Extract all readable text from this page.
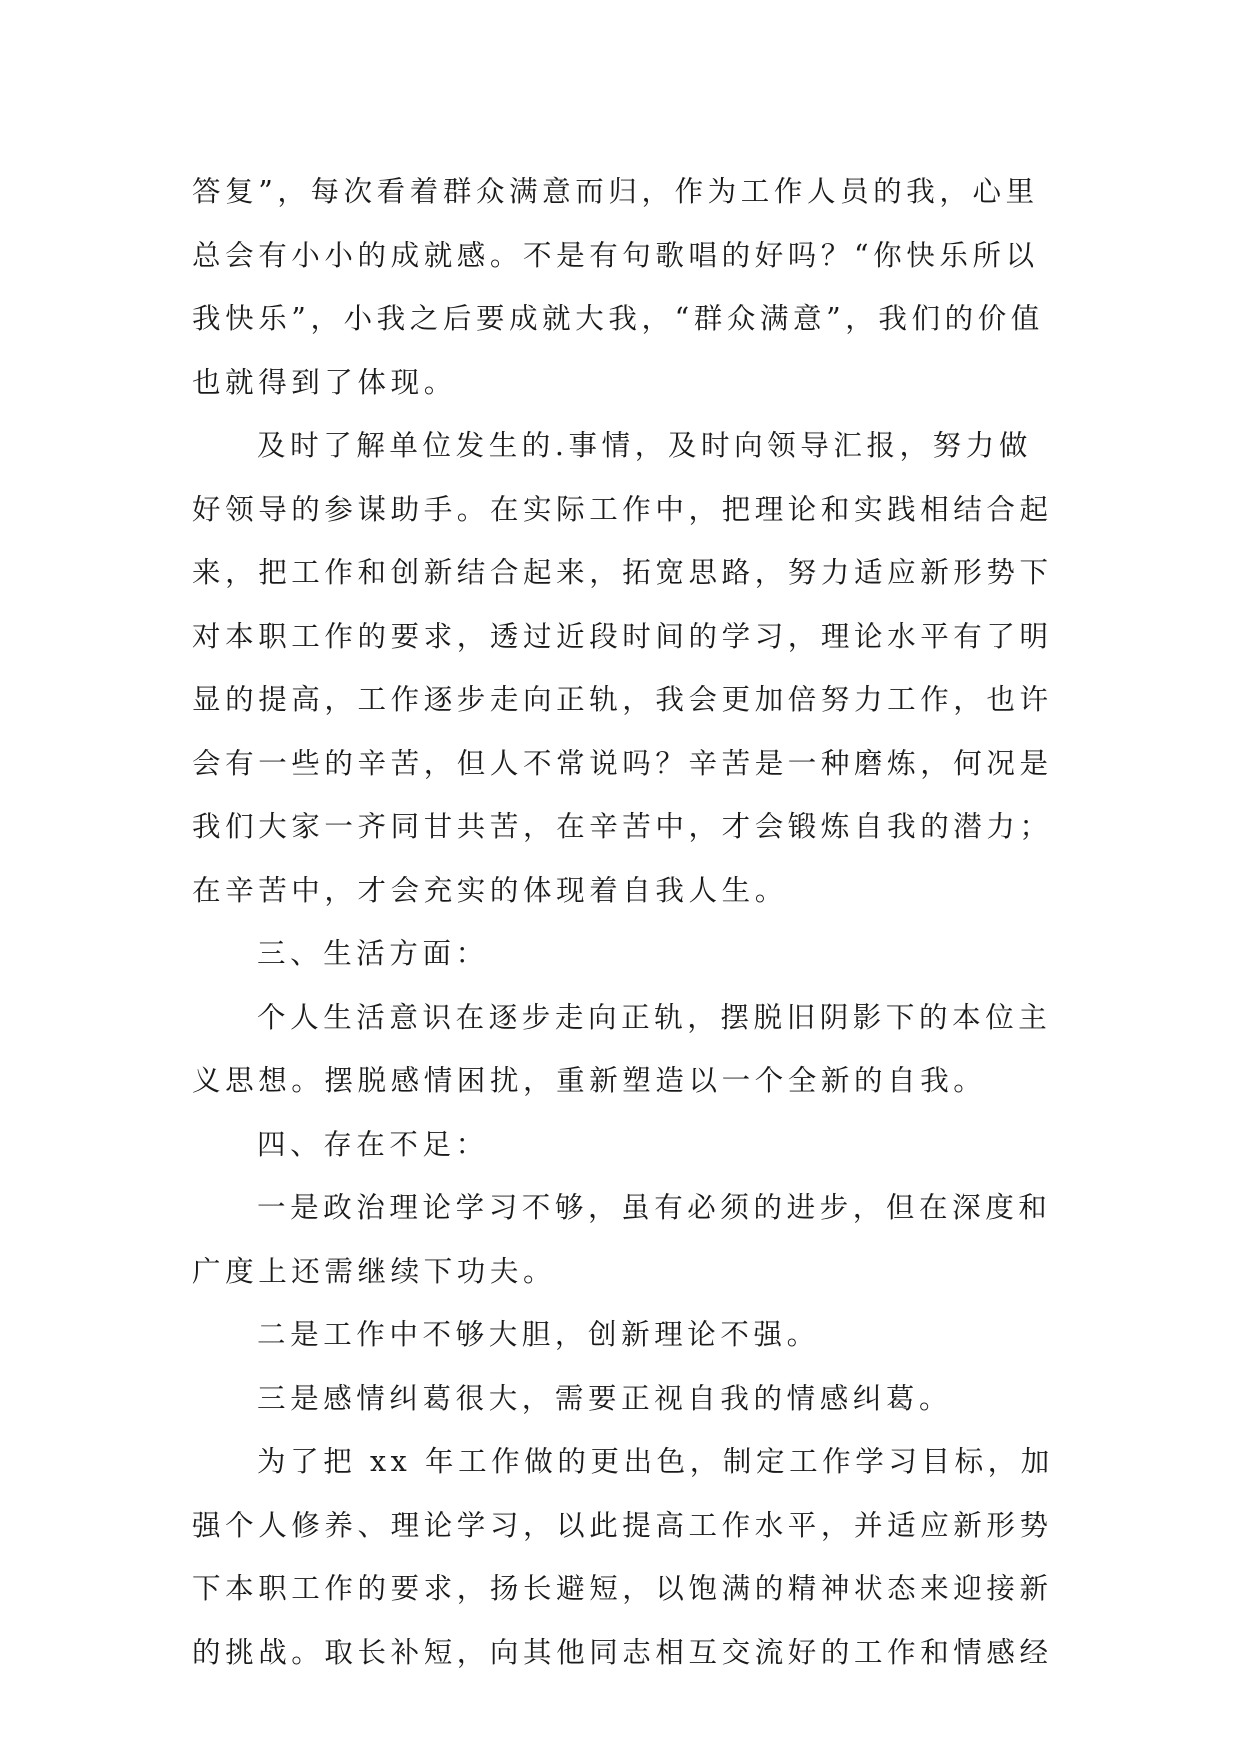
答复”，每次看着群众满意而归，作为工作人员的我，心里
总会有小小的成就感。不是有句歌唱的好吗？“你快乐所以
我快乐”，小我之后要成就大我，“群众满意”，我们的价值
也就得到了体现。
及时了解单位发生的.事情，及时向领导汇报，努力做
好领导的参谋助手。在实际工作中，把理论和实践相结合起
来，把工作和创新结合起来，拓宽思路，努力适应新形势下
对本职工作的要求，透过近段时间的学习，理论水平有了明
显的提高，工作逐步走向正轨，我会更加倍努力工作，也许
会有一些的辛苦，但人不常说吗？辛苦是一种磨炼，何况是
我们大家一齐同甘共苦，在辛苦中，才会锻炼自我的潜力；
在辛苦中，才会充实的体现着自我人生。
三、生活方面：
个人生活意识在逐步走向正轨，摆脱旧阴影下的本位主
义思想。摆脱感情困扰，重新塑造以一个全新的自我。
四、存在不足：
一是政治理论学习不够，虽有必须的进步，但在深度和
广度上还需继续下功夫。
二是工作中不够大胆，创新理论不强。
三是感情纠葛很大，需要正视自我的情感纠葛。
为了把 xx 年工作做的更出色，制定工作学习目标，加
强个人修养、理论学习，以此提高工作水平，并适应新形势
下本职工作的要求，扬长避短，以饱满的精神状态来迎接新
的挑战。取长补短，向其他同志相互交流好的工作和情感经
